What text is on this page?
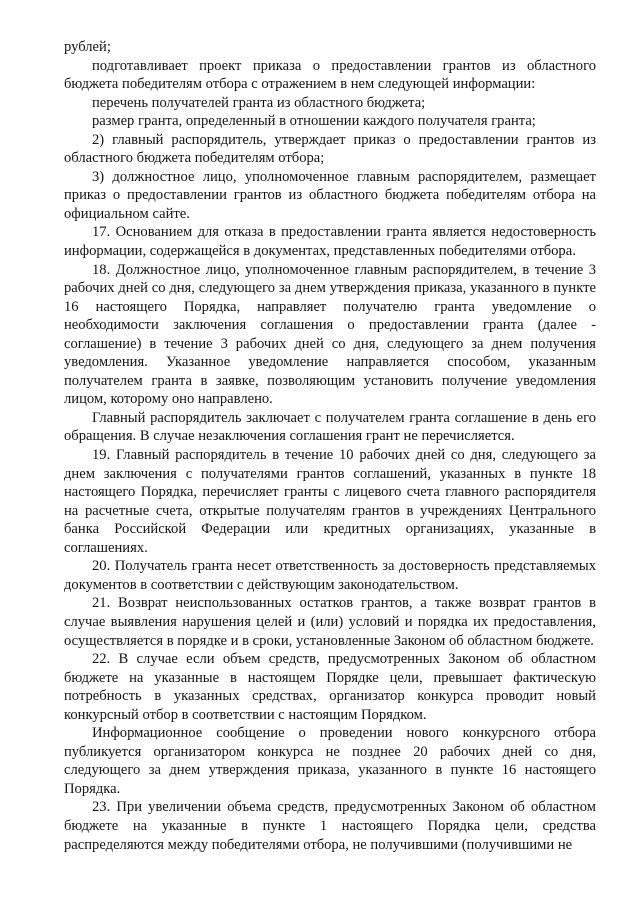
рублей;

подготавливает проект приказа о предоставлении грантов из областного бюджета победителям отбора с отражением в нем следующей информации:

перечень получателей гранта из областного бюджета;

размер гранта, определенный в отношении каждого получателя гранта;

2) главный распорядитель, утверждает приказ о предоставлении грантов из областного бюджета победителям отбора;

3) должностное лицо, уполномоченное главным распорядителем, размещает приказ о предоставлении грантов из областного бюджета победителям отбора на официальном сайте.

17. Основанием для отказа в предоставлении гранта является недостоверность информации, содержащейся в документах, представленных победителями отбора.

18. Должностное лицо, уполномоченное главным распорядителем, в течение 3 рабочих дней со дня, следующего за днем утверждения приказа, указанного в пункте 16 настоящего Порядка, направляет получателю гранта уведомление о необходимости заключения соглашения о предоставлении гранта (далее - соглашение) в течение 3 рабочих дней со дня, следующего за днем получения уведомления. Указанное уведомление направляется способом, указанным получателем гранта в заявке, позволяющим установить получение уведомления лицом, которому оно направлено.

Главный распорядитель заключает с получателем гранта соглашение в день его обращения. В случае незаключения соглашения грант не перечисляется.

19. Главный распорядитель в течение 10 рабочих дней со дня, следующего за днем заключения с получателями грантов соглашений, указанных в пункте 18 настоящего Порядка, перечисляет гранты с лицевого счета главного распорядителя на расчетные счета, открытые получателям грантов в учреждениях Центрального банка Российской Федерации или кредитных организациях, указанные в соглашениях.

20. Получатель гранта несет ответственность за достоверность представляемых документов в соответствии с действующим законодательством.

21. Возврат неиспользованных остатков грантов, а также возврат грантов в случае выявления нарушения целей и (или) условий и порядка их предоставления, осуществляется в порядке и в сроки, установленные Законом об областном бюджете.

22. В случае если объем средств, предусмотренных Законом об областном бюджете на указанные в настоящем Порядке цели, превышает фактическую потребность в указанных средствах, организатор конкурса проводит новый конкурсный отбор в соответствии с настоящим Порядком.

Информационное сообщение о проведении нового конкурсного отбора публикуется организатором конкурса не позднее 20 рабочих дней со дня, следующего за днем утверждения приказа, указанного в пункте 16 настоящего Порядка.

23. При увеличении объема средств, предусмотренных Законом об областном бюджете на указанные в пункте 1 настоящего Порядка цели, средства распределяются между победителями отбора, не получившими (получившими не
